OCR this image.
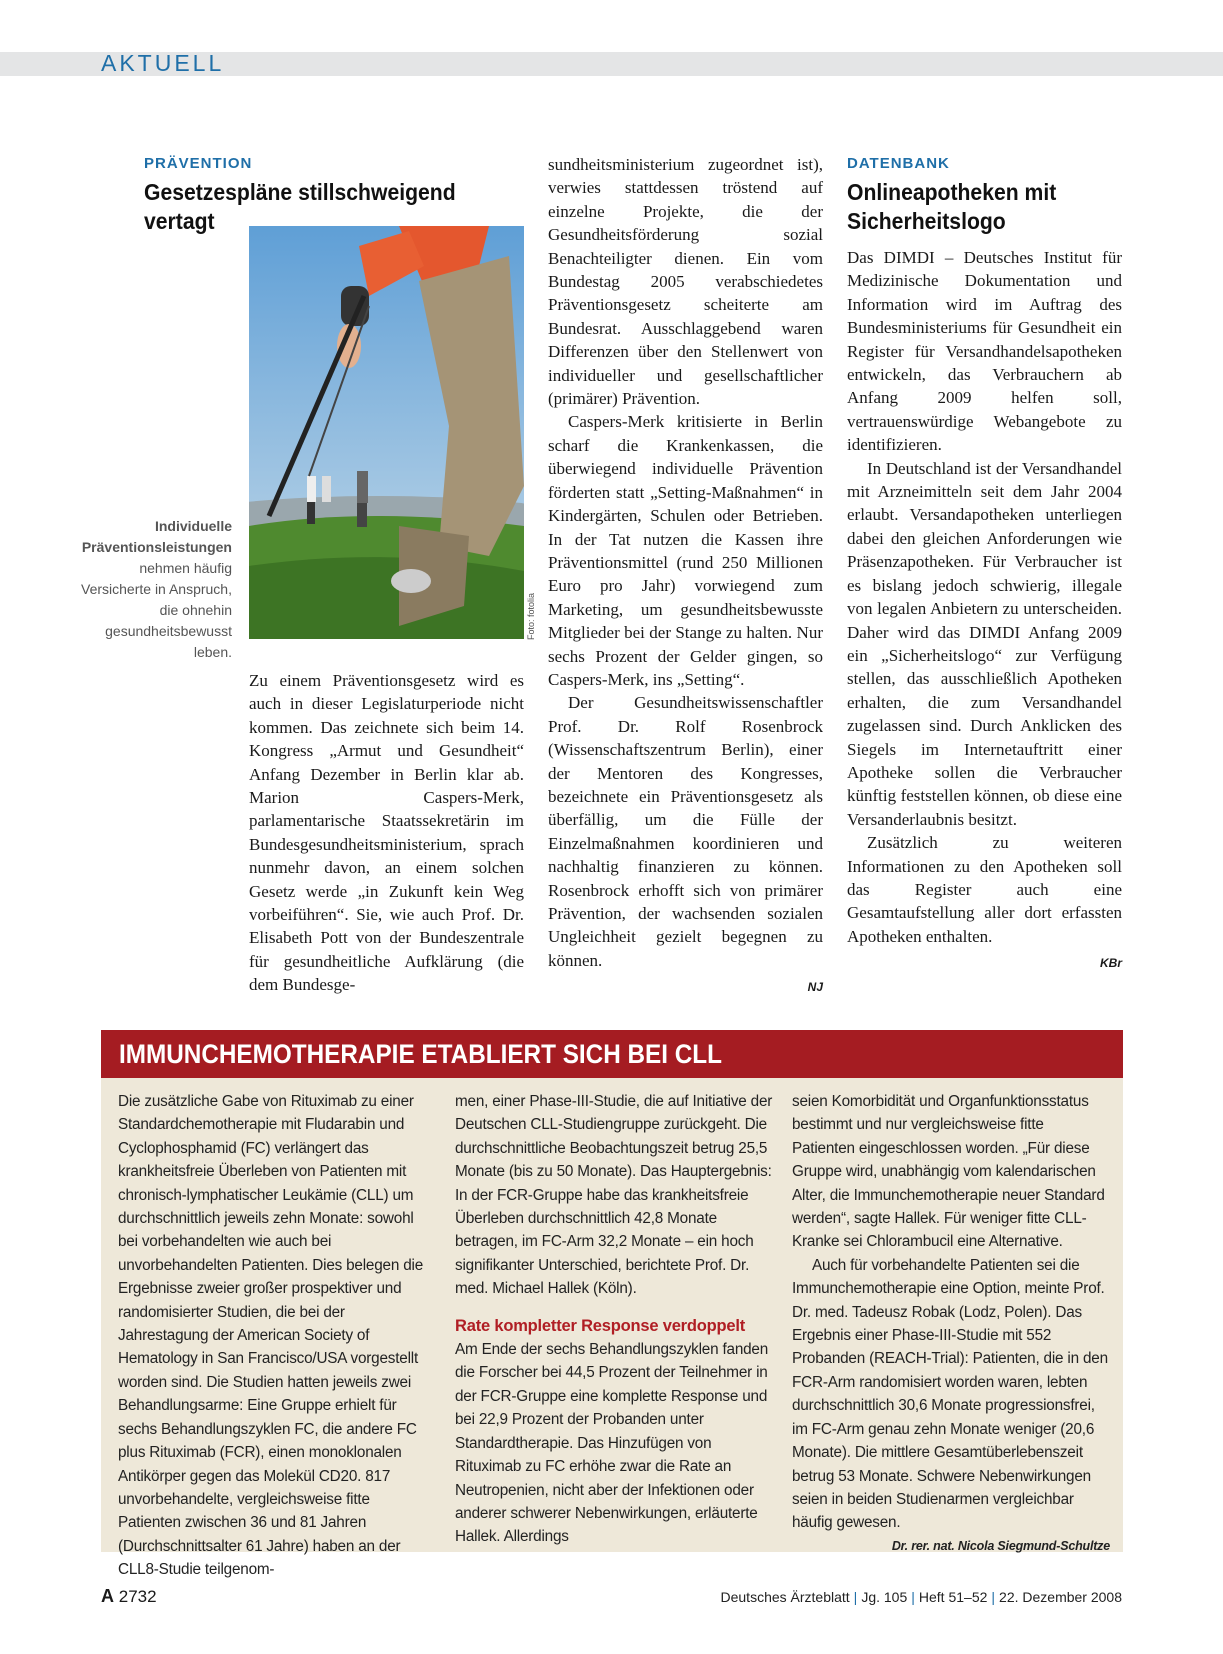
AKTUELL
PRÄVENTION
Gesetzespläne stillschweigend vertagt
Foto: fotolia
Individuelle Präventionsleistungen nehmen häufig Versicherte in Anspruch, die ohnehin gesundheitsbewusst leben.

Zu einem Präventionsgesetz wird es auch in dieser Legislaturperiode nicht kommen. Das zeichnete sich beim 14. Kongress „Armut und Gesundheit“ Anfang Dezember in Berlin klar ab. Marion Caspers-Merk, parlamentarische Staatssekretärin im Bundesgesundheitsministerium, sprach nunmehr davon, an einem solchen Gesetz werde „in Zukunft kein Weg vorbeiführen“. Sie, wie auch Prof. Dr. Elisabeth Pott von der Bundeszentrale für gesundheitliche Aufklärung (die dem Bundesge-

sundheitsministerium zugeordnet ist), verwies stattdessen tröstend auf einzelne Projekte, die der Gesundheitsförderung sozial Benachteiligter dienen. Ein vom Bundestag 2005 verabschiedetes Präventionsgesetz scheiterte am Bundesrat. Ausschlaggebend waren Differenzen über den Stellenwert von individueller und gesellschaftlicher (primärer) Prävention.

Caspers-Merk kritisierte in Berlin scharf die Krankenkassen, die überwiegend individuelle Prävention förderten statt „Setting-Maßnahmen“ in Kindergärten, Schulen oder Betrieben. In der Tat nutzen die Kassen ihre Präventionsmittel (rund 250 Millionen Euro pro Jahr) vorwiegend zum Marketing, um gesundheitsbewusste Mitglieder bei der Stange zu halten. Nur sechs Prozent der Gelder gingen, so Caspers-Merk, ins „Setting“.

Der Gesundheitswissenschaftler Prof. Dr. Rolf Rosenbrock (Wissenschaftszentrum Berlin), einer der Mentoren des Kongresses, bezeichnete ein Präventionsgesetz als überfällig, um die Fülle der Einzelmaßnahmen koordinieren und nachhaltig finanzieren zu können. Rosenbrock erhofft sich von primärer Prävention, der wachsenden sozialen Ungleichheit gezielt begegnen zu können.

NJ
DATENBANK
Onlineapotheken mit Sicherheitslogo

Das DIMDI – Deutsches Institut für Medizinische Dokumentation und Information wird im Auftrag des Bundesministeriums für Gesundheit ein Register für Versandhandelsapotheken entwickeln, das Verbrauchern ab Anfang 2009 helfen soll, vertrauenswürdige Webangebote zu identifizieren.

In Deutschland ist der Versandhandel mit Arzneimitteln seit dem Jahr 2004 erlaubt. Versandapotheken unterliegen dabei den gleichen Anforderungen wie Präsenzapotheken. Für Verbraucher ist es bislang jedoch schwierig, illegale von legalen Anbietern zu unterscheiden. Daher wird das DIMDI Anfang 2009 ein „Sicherheitslogo“ zur Verfügung stellen, das ausschließlich Apotheken erhalten, die zum Versandhandel zugelassen sind. Durch Anklicken des Siegels im Internetauftritt einer Apotheke sollen die Verbraucher künftig feststellen können, ob diese eine Versanderlaubnis besitzt.

Zusätzlich zu weiteren Informationen zu den Apotheken soll das Register auch eine Gesamtaufstellung aller dort erfassten Apotheken enthalten.

KBr
IMMUNCHEMOTHERAPIE ETABLIERT SICH BEI CLL

Die zusätzliche Gabe von Rituximab zu einer Standardchemotherapie mit Fludarabin und Cyclophosphamid (FC) verlängert das krankheitsfreie Überleben von Patienten mit chronisch-lymphatischer Leukämie (CLL) um durchschnittlich jeweils zehn Monate: sowohl bei vorbehandelten wie auch bei unvorbehandelten Patienten. Dies belegen die Ergebnisse zweier großer prospektiver und randomisierter Studien, die bei der Jahrestagung der American Society of Hematology in San Francisco/USA vorgestellt worden sind. Die Studien hatten jeweils zwei Behandlungsarme: Eine Gruppe erhielt für sechs Behandlungszyklen FC, die andere FC plus Rituximab (FCR), einen monoklonalen Antikörper gegen das Molekül CD20. 817 unvorbehandelte, vergleichsweise fitte Patienten zwischen 36 und 81 Jahren (Durchschnittsalter 61 Jahre) haben an der CLL8-Studie teilgenom-

men, einer Phase-III-Studie, die auf Initiative der Deutschen CLL-Studiengruppe zurückgeht. Die durchschnittliche Beobachtungszeit betrug 25,5 Monate (bis zu 50 Monate). Das Hauptergebnis: In der FCR-Gruppe habe das krankheitsfreie Überleben durchschnittlich 42,8 Monate betragen, im FC-Arm 32,2 Monate – ein hoch signifikanter Unterschied, berichtete Prof. Dr. med. Michael Hallek (Köln).

Rate kompletter Response verdoppelt

Am Ende der sechs Behandlungszyklen fanden die Forscher bei 44,5 Prozent der Teilnehmer in der FCR-Gruppe eine komplette Response und bei 22,9 Prozent der Probanden unter Standardtherapie. Das Hinzufügen von Rituximab zu FC erhöhe zwar die Rate an Neutropenien, nicht aber der Infektionen oder anderer schwerer Nebenwirkungen, erläuterte Hallek. Allerdings

seien Komorbidität und Organfunktionsstatus bestimmt und nur vergleichsweise fitte Patienten eingeschlossen worden. „Für diese Gruppe wird, unabhängig vom kalendarischen Alter, die Immunchemotherapie neuer Standard werden“, sagte Hallek. Für weniger fitte CLL-Kranke sei Chlorambucil eine Alternative.

Auch für vorbehandelte Patienten sei die Immunchemotherapie eine Option, meinte Prof. Dr. med. Tadeusz Robak (Lodz, Polen). Das Ergebnis einer Phase-III-Studie mit 552 Probanden (REACH-Trial): Patienten, die in den FCR-Arm randomisiert worden waren, lebten durchschnittlich 30,6 Monate progressionsfrei, im FC-Arm genau zehn Monate weniger (20,6 Monate). Die mittlere Gesamtüberlebenszeit betrug 53 Monate. Schwere Nebenwirkungen seien in beiden Studienarmen vergleichbar häufig gewesen.

Dr. rer. nat. Nicola Siegmund-Schultze
A 2732	Deutsches Ärzteblatt | Jg. 105 | Heft 51–52 | 22. Dezember 2008
